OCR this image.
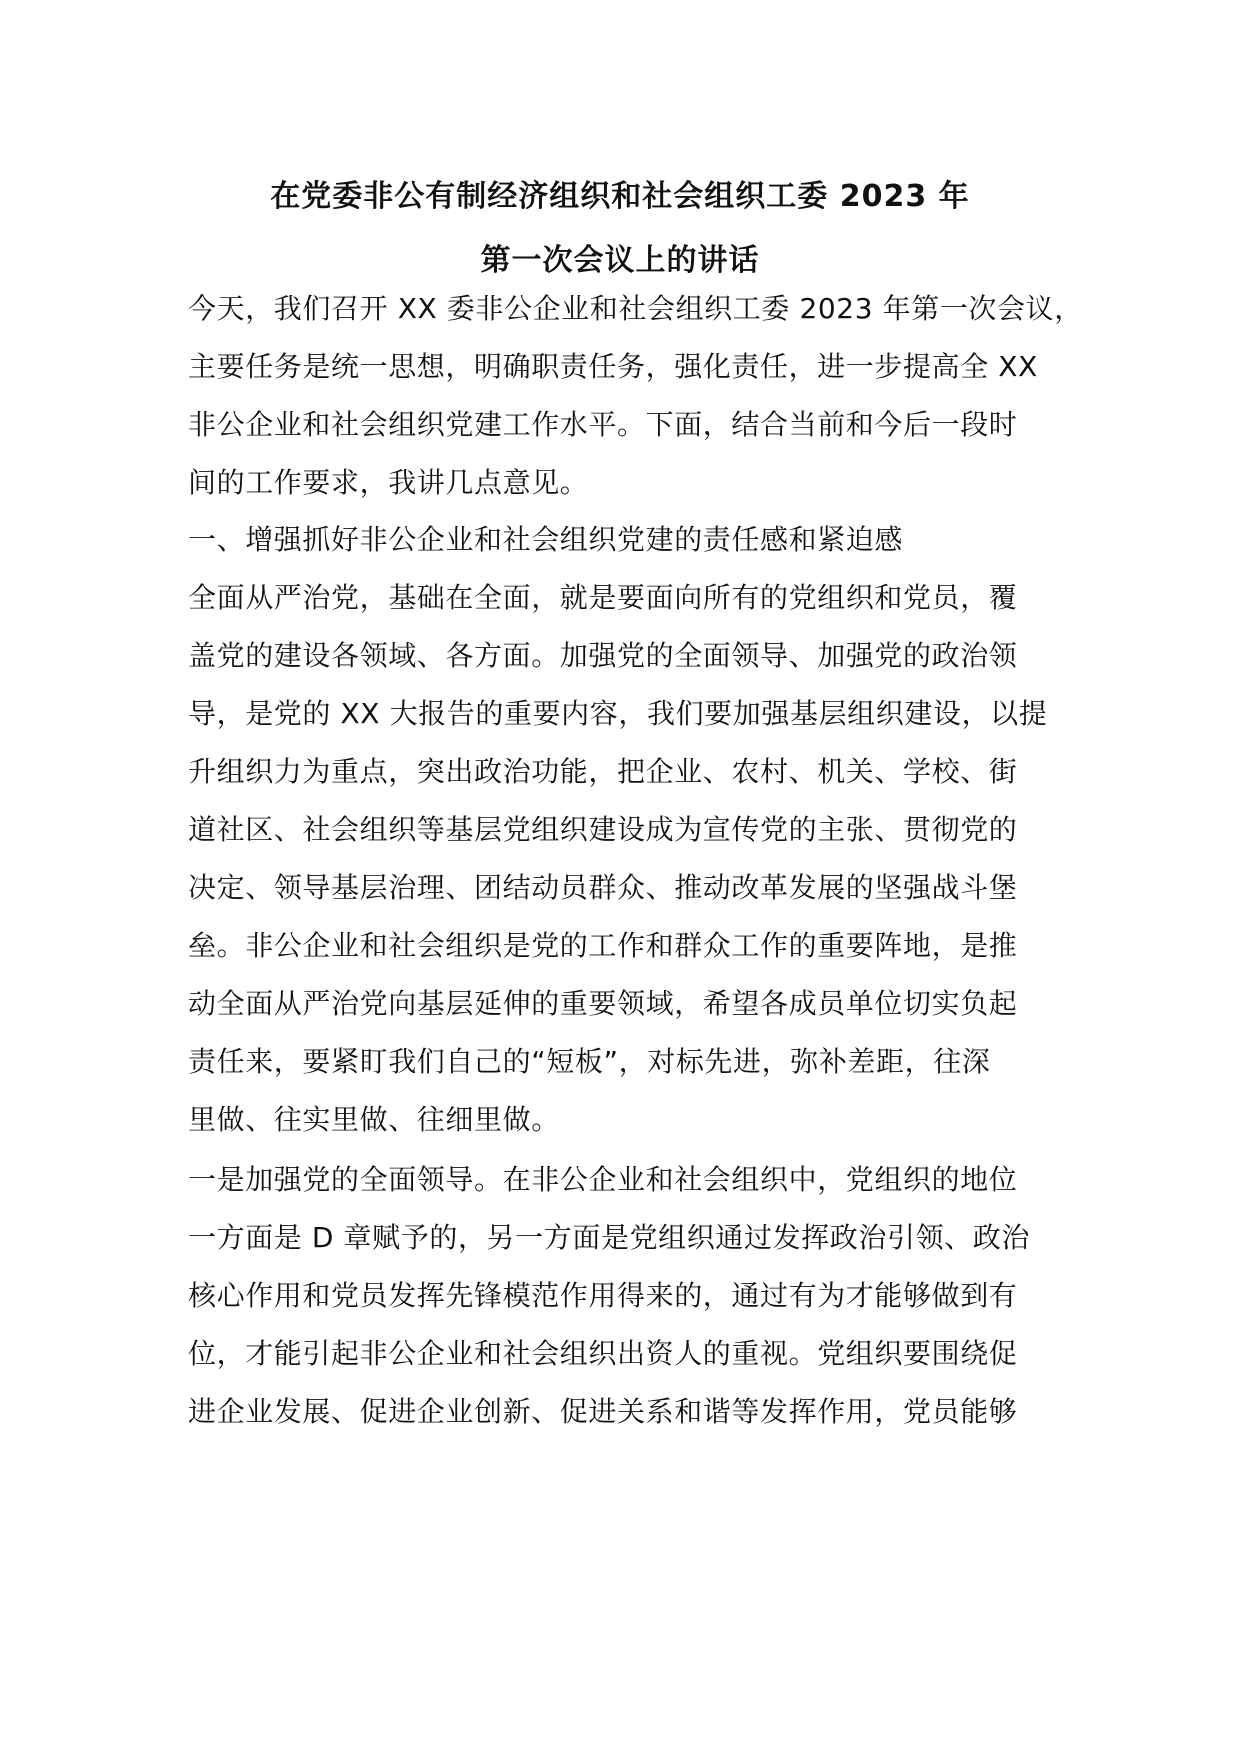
在党委非公有制经济组织和社会组织工委 2023 年
第一次会议上的讲话
今天，我们召开 XX 委非公企业和社会组织工委 2023 年第一次会议，
主要任务是统一思想，明确职责任务，强化责任，进一步提高全 XX
非公企业和社会组织党建工作水平。下面，结合当前和今后一段时
间的工作要求，我讲几点意见。
一、增强抓好非公企业和社会组织党建的责任感和紧迫感
全面从严治党，基础在全面，就是要面向所有的党组织和党员，覆
盖党的建设各领域、各方面。加强党的全面领导、加强党的政治领
导，是党的 XX 大报告的重要内容，我们要加强基层组织建设，以提
升组织力为重点，突出政治功能，把企业、农村、机关、学校、街
道社区、社会组织等基层党组织建设成为宣传党的主张、贯彻党的
决定、领导基层治理、团结动员群众、推动改革发展的坚强战斗堡
垒。非公企业和社会组织是党的工作和群众工作的重要阵地，是推
动全面从严治党向基层延伸的重要领域，希望各成员单位切实负起
责任来，要紧盯我们自己的“短板”，对标先进，弥补差距，往深
里做、往实里做、往细里做。
一是加强党的全面领导。在非公企业和社会组织中，党组织的地位
一方面是 D 章赋予的，另一方面是党组织通过发挥政治引领、政治
核心作用和党员发挥先锋模范作用得来的，通过有为才能够做到有
位，才能引起非公企业和社会组织出资人的重视。党组织要围绕促
进企业发展、促进企业创新、促进关系和谐等发挥作用，党员能够
